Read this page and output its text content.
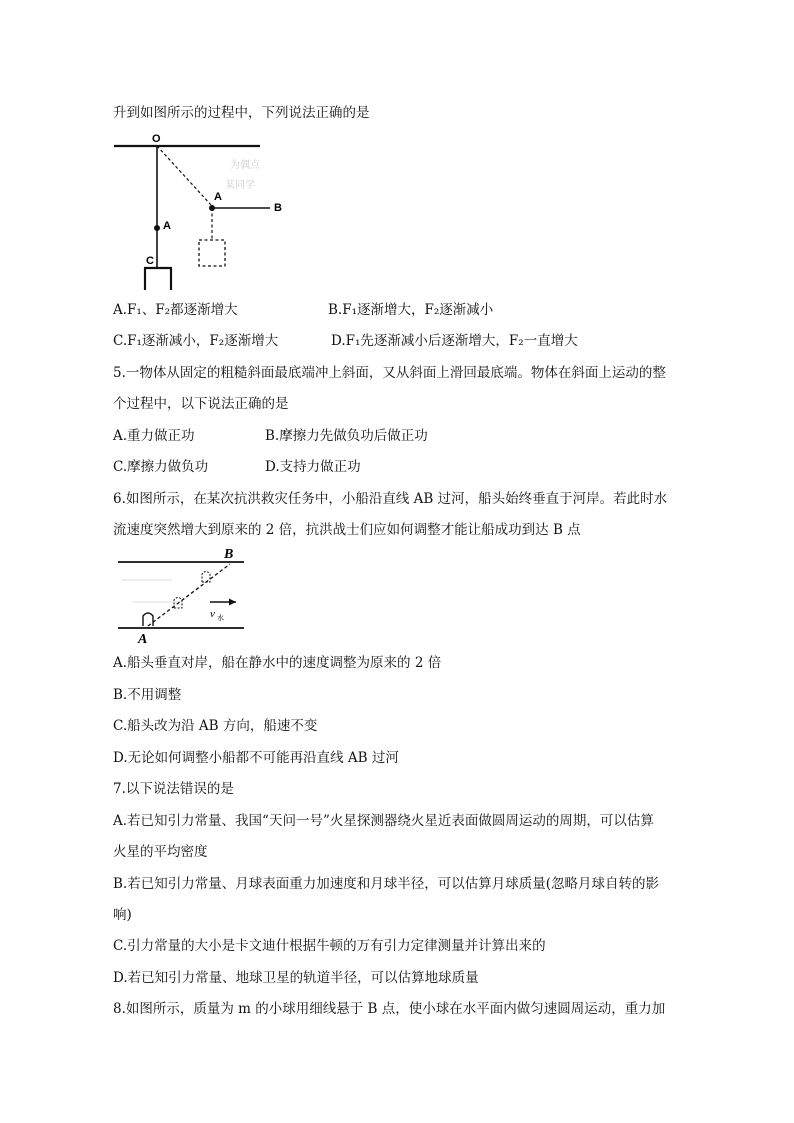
升到如图所示的过程中，下列说法正确的是
O
为偶点
某同学
A
A
B
C
A.F₁、F₂都逐渐增大	B.F₁逐渐增大，F₂逐渐减小
C.F₁逐渐减小，F₂逐渐增大	D.F₁先逐渐减小后逐渐增大，F₂一直增大
5.一物体从固定的粗糙斜面最底端冲上斜面，又从斜面上滑回最底端。物体在斜面上运动的整
个过程中，以下说法正确的是
A.重力做正功	B.摩擦力先做负功后做正功
C.摩擦力做负功	D.支持力做正功
6.如图所示，在某次抗洪救灾任务中，小船沿直线 AB 过河，船头始终垂直于河岸。若此时水
流速度突然增大到原来的 2 倍，抗洪战士们应如何调整才能让船成功到达 B 点
B
A
v 水
A.船头垂直对岸，船在静水中的速度调整为原来的 2 倍
B.不用调整
C.船头改为沿 AB 方向，船速不变
D.无论如何调整小船都不可能再沿直线 AB 过河
7.以下说法错误的是
A.若已知引力常量、我国“天问一号”火星探测器绕火星近表面做圆周运动的周期，可以估算
火星的平均密度
B.若已知引力常量、月球表面重力加速度和月球半径，可以估算月球质量(忽略月球自转的影
响)
C.引力常量的大小是卡文迪什根据牛顿的万有引力定律测量并计算出来的
D.若已知引力常量、地球卫星的轨道半径，可以估算地球质量
8.如图所示，质量为 m 的小球用细线悬于 B 点，使小球在水平面内做匀速圆周运动，重力加
